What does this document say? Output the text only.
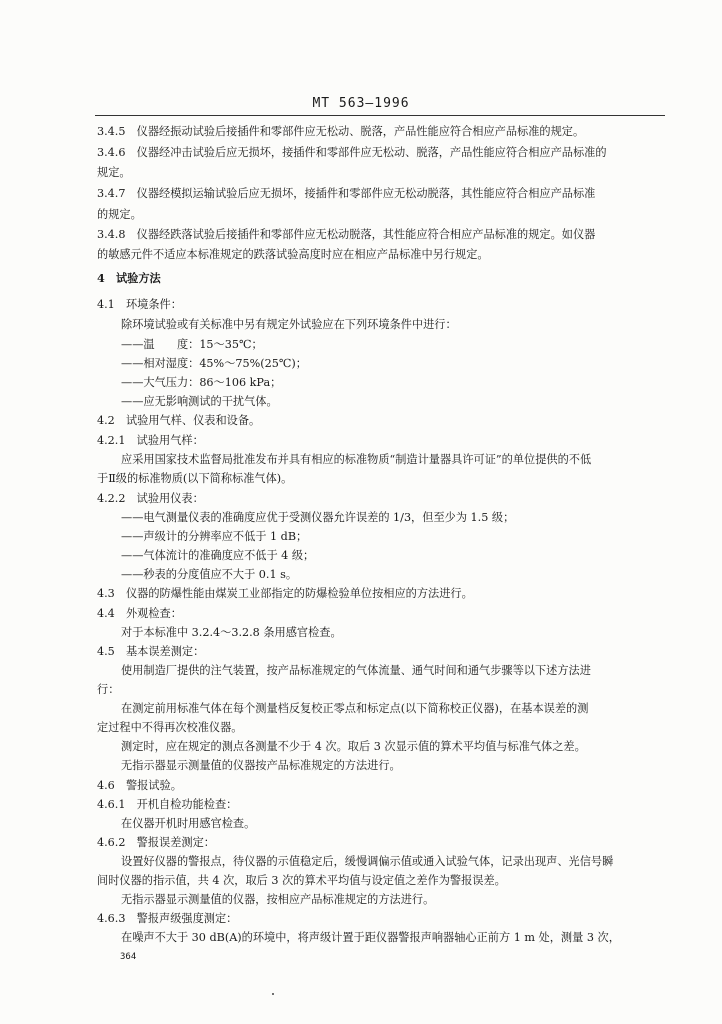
MT 563—1996
3.4.5　仪器经振动试验后接插件和零部件应无松动、脱落，产品性能应符合相应产品标准的规定。
3.4.6　仪器经冲击试验后应无损坏，接插件和零部件应无松动、脱落，产品性能应符合相应产品标准的
规定。
3.4.7　仪器经模拟运输试验后应无损坏，接插件和零部件应无松动脱落，其性能应符合相应产品标准
的规定。
3.4.8　仪器经跌落试验后接插件和零部件应无松动脱落，其性能应符合相应产品标准的规定。如仪器
的敏感元件不适应本标准规定的跌落试验高度时应在相应产品标准中另行规定。
4　试验方法
4.1　环境条件：
除环境试验或有关标准中另有规定外试验应在下列环境条件中进行：
——温　　度：15～35℃；
——相对湿度：45%～75%(25℃)；
——大气压力：86～106 kPa；
——应无影响测试的干扰气体。
4.2　试验用气样、仪表和设备。
4.2.1　试验用气样：
应采用国家技术监督局批准发布并具有相应的标准物质“制造计量器具许可证”的单位提供的不低
于Ⅱ级的标准物质(以下简称标准气体)。
4.2.2　试验用仪表：
——电气测量仪表的准确度应优于受测仪器允许误差的 1/3，但至少为 1.5 级；
——声级计的分辨率应不低于 1 dB；
——气体流计的准确度应不低于 4 级；
——秒表的分度值应不大于 0.1 s。
4.3　仪器的防爆性能由煤炭工业部指定的防爆检验单位按相应的方法进行。
4.4　外观检查：
对于本标准中 3.2.4～3.2.8 条用感官检查。
4.5　基本误差测定：
使用制造厂提供的注气装置，按产品标准规定的气体流量、通气时间和通气步骤等以下述方法进
行：
在测定前用标准气体在每个测量档反复校正零点和标定点(以下简称校正仪器)，在基本误差的测
定过程中不得再次校准仪器。
测定时，应在规定的测点各测量不少于 4 次。取后 3 次显示值的算术平均值与标准气体之差。
无指示器显示测量值的仪器按产品标准规定的方法进行。
4.6　警报试验。
4.6.1　开机自检功能检查：
在仪器开机时用感官检查。
4.6.2　警报误差测定：
设置好仪器的警报点，待仪器的示值稳定后，缓慢调偏示值或通入试验气体，记录出现声、光信号瞬
间时仪器的指示值，共 4 次，取后 3 次的算术平均值与设定值之差作为警报误差。
无指示器显示测量值的仪器，按相应产品标准规定的方法进行。
4.6.3　警报声级强度测定：
在噪声不大于 30 dB(A)的环境中，将声级计置于距仪器警报声响器轴心正前方 1 m 处，测量 3 次，
364
